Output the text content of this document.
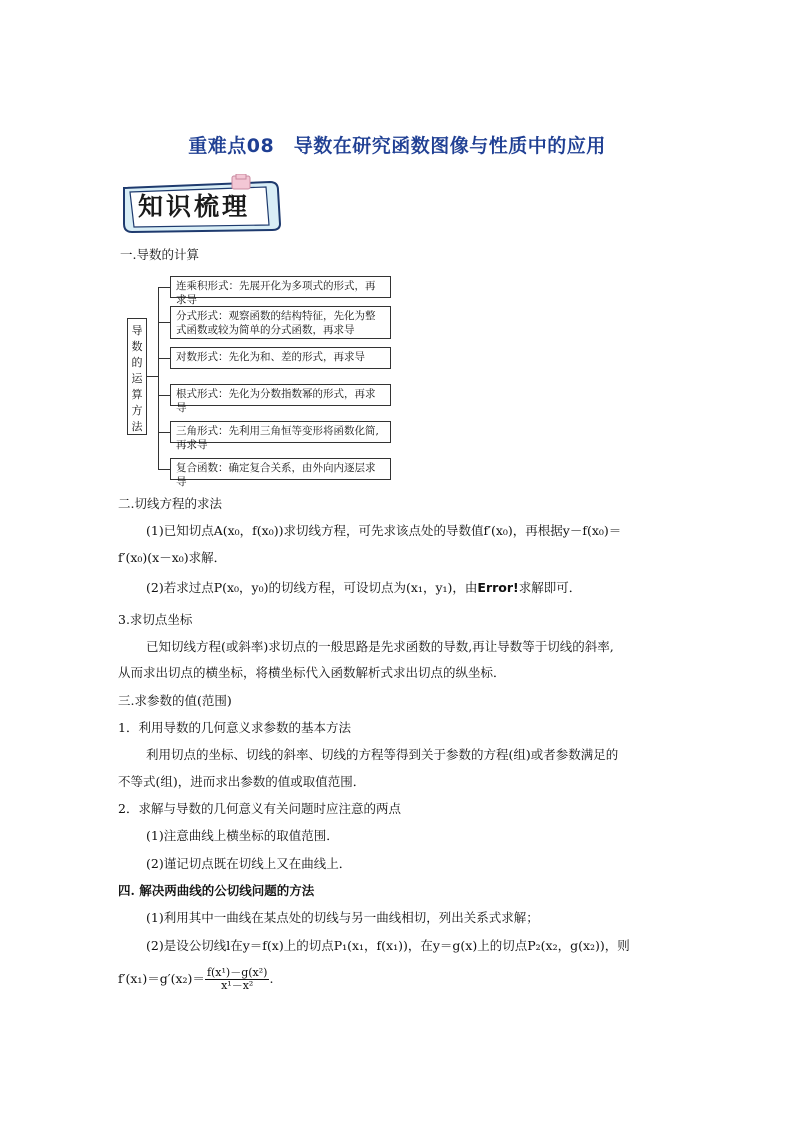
重难点08　导数在研究函数图像与性质中的应用
知识梳理
一.导数的计算
导数的运算方法
连乘积形式：先展开化为多项式的形式，再求导
分式形式：观察函数的结构特征，先化为整式函数或较为简单的分式函数，再求导
对数形式：先化为和、差的形式，再求导
根式形式：先化为分数指数幂的形式，再求导
三角形式：先利用三角恒等变形将函数化简,再求导
复合函数：确定复合关系，由外向内逐层求导
二.切线方程的求法
(1)已知切点A(x₀，f(x₀))求切线方程，可先求该点处的导数值f′(x₀)，再根据y－f(x₀)＝
f′(x₀)(x－x₀)求解．
(2)若求过点P(x₀，y₀)的切线方程，可设切点为(x₁，y₁)，由Error!求解即可．
3.求切点坐标
已知切线方程(或斜率)求切点的一般思路是先求函数的导数,再让导数等于切线的斜率,
从而求出切点的横坐标，将横坐标代入函数解析式求出切点的纵坐标．
三.求参数的值(范围)
1．利用导数的几何意义求参数的基本方法
利用切点的坐标、切线的斜率、切线的方程等得到关于参数的方程(组)或者参数满足的
不等式(组)，进而求出参数的值或取值范围．
2．求解与导数的几何意义有关问题时应注意的两点
(1)注意曲线上横坐标的取值范围．
(2)谨记切点既在切线上又在曲线上．
四. 解决两曲线的公切线问题的方法
(1)利用其中一曲线在某点处的切线与另一曲线相切，列出关系式求解；
(2)是设公切线l在y＝f(x)上的切点P₁(x₁，f(x₁))，在y＝g(x)上的切点P₂(x₂，g(x₂))，则
$f'(x_1)=g'(x_2)= \frac{\text{f(x¹)－g(x²)}}{\text{x¹－x²}}$ .
